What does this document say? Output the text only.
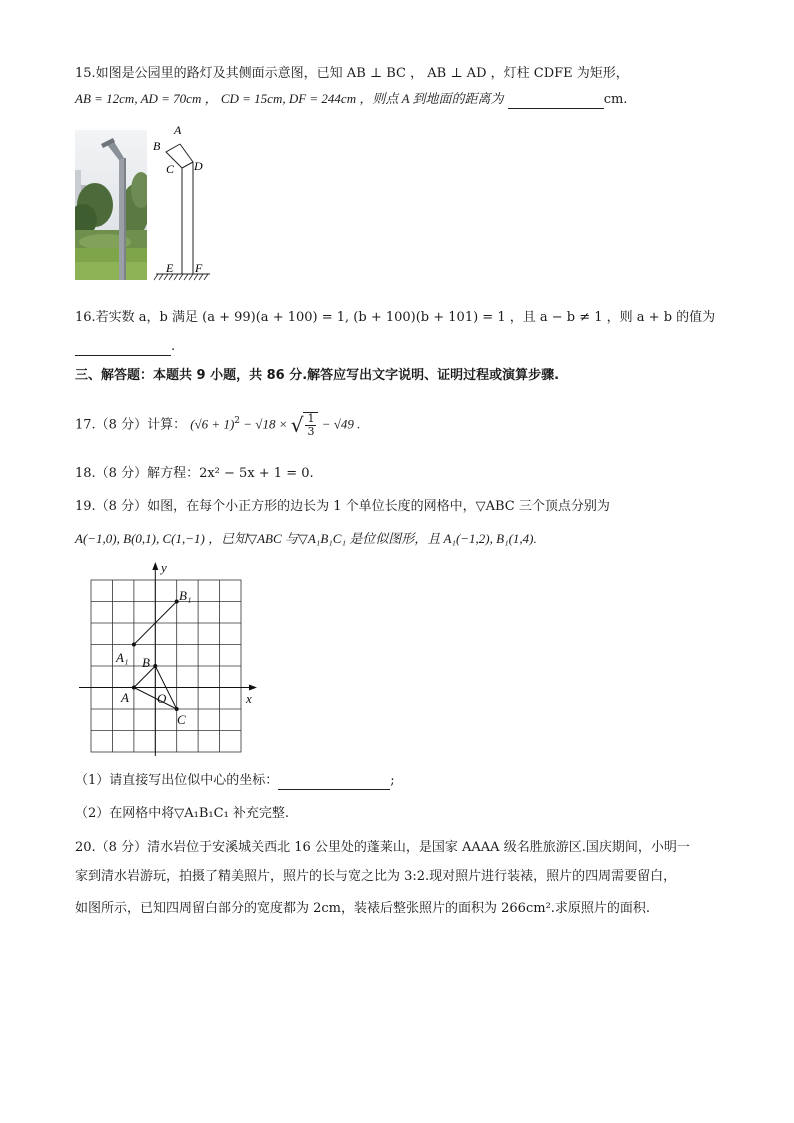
15.如图是公园里的路灯及其侧面示意图，已知 AB ⊥ BC ， AB ⊥ AD ，灯柱 CDFE 为矩形，
AB = 12cm, AD = 70cm ， CD = 15cm, DF = 244cm ，则点 A 到地面的距离为	cm.
A
B
C D
E F
16.若实数 a，b 满足 (a + 99)(a + 100) = 1, (b + 100)(b + 101) = 1 ，且 a − b ≠ 1 ，则 a + b 的值为
.
三、解答题：本题共 9 小题，共 86 分.解答应写出文字说明、证明过程或演算步骤.
17.（8 分）计算： $(√6 + 1)^2 - √18$ × √ $\frac{1}{3} - √49$ .
18.（8 分）解方程：2x² − 5x + 1 = 0.
19.（8 分）如图，在每个小正方形的边长为 1 个单位长度的网格中，▽ABC 三个顶点分别为
A(−1,0), B(0,1), C(1,−1) ，已知▽ABC 与▽A₁B₁C₁ 是位似图形，且 A₁(−1,2), B₁(1,4).
y
x
O
A
B
C
A₁
B₁
（1）请直接写出位似中心的坐标：	;
（2）在网格中将▽A₁B₁C₁ 补充完整.
20.（8 分）清水岩位于安溪城关西北 16 公里处的蓬莱山，是国家 AAAA 级名胜旅游区.国庆期间，小明一
家到清水岩游玩，拍摄了精美照片，照片的长与宽之比为 3:2.现对照片进行装裱，照片的四周需要留白，
如图所示，已知四周留白部分的宽度都为 2cm，装裱后整张照片的面积为 266cm².求原照片的面积.
